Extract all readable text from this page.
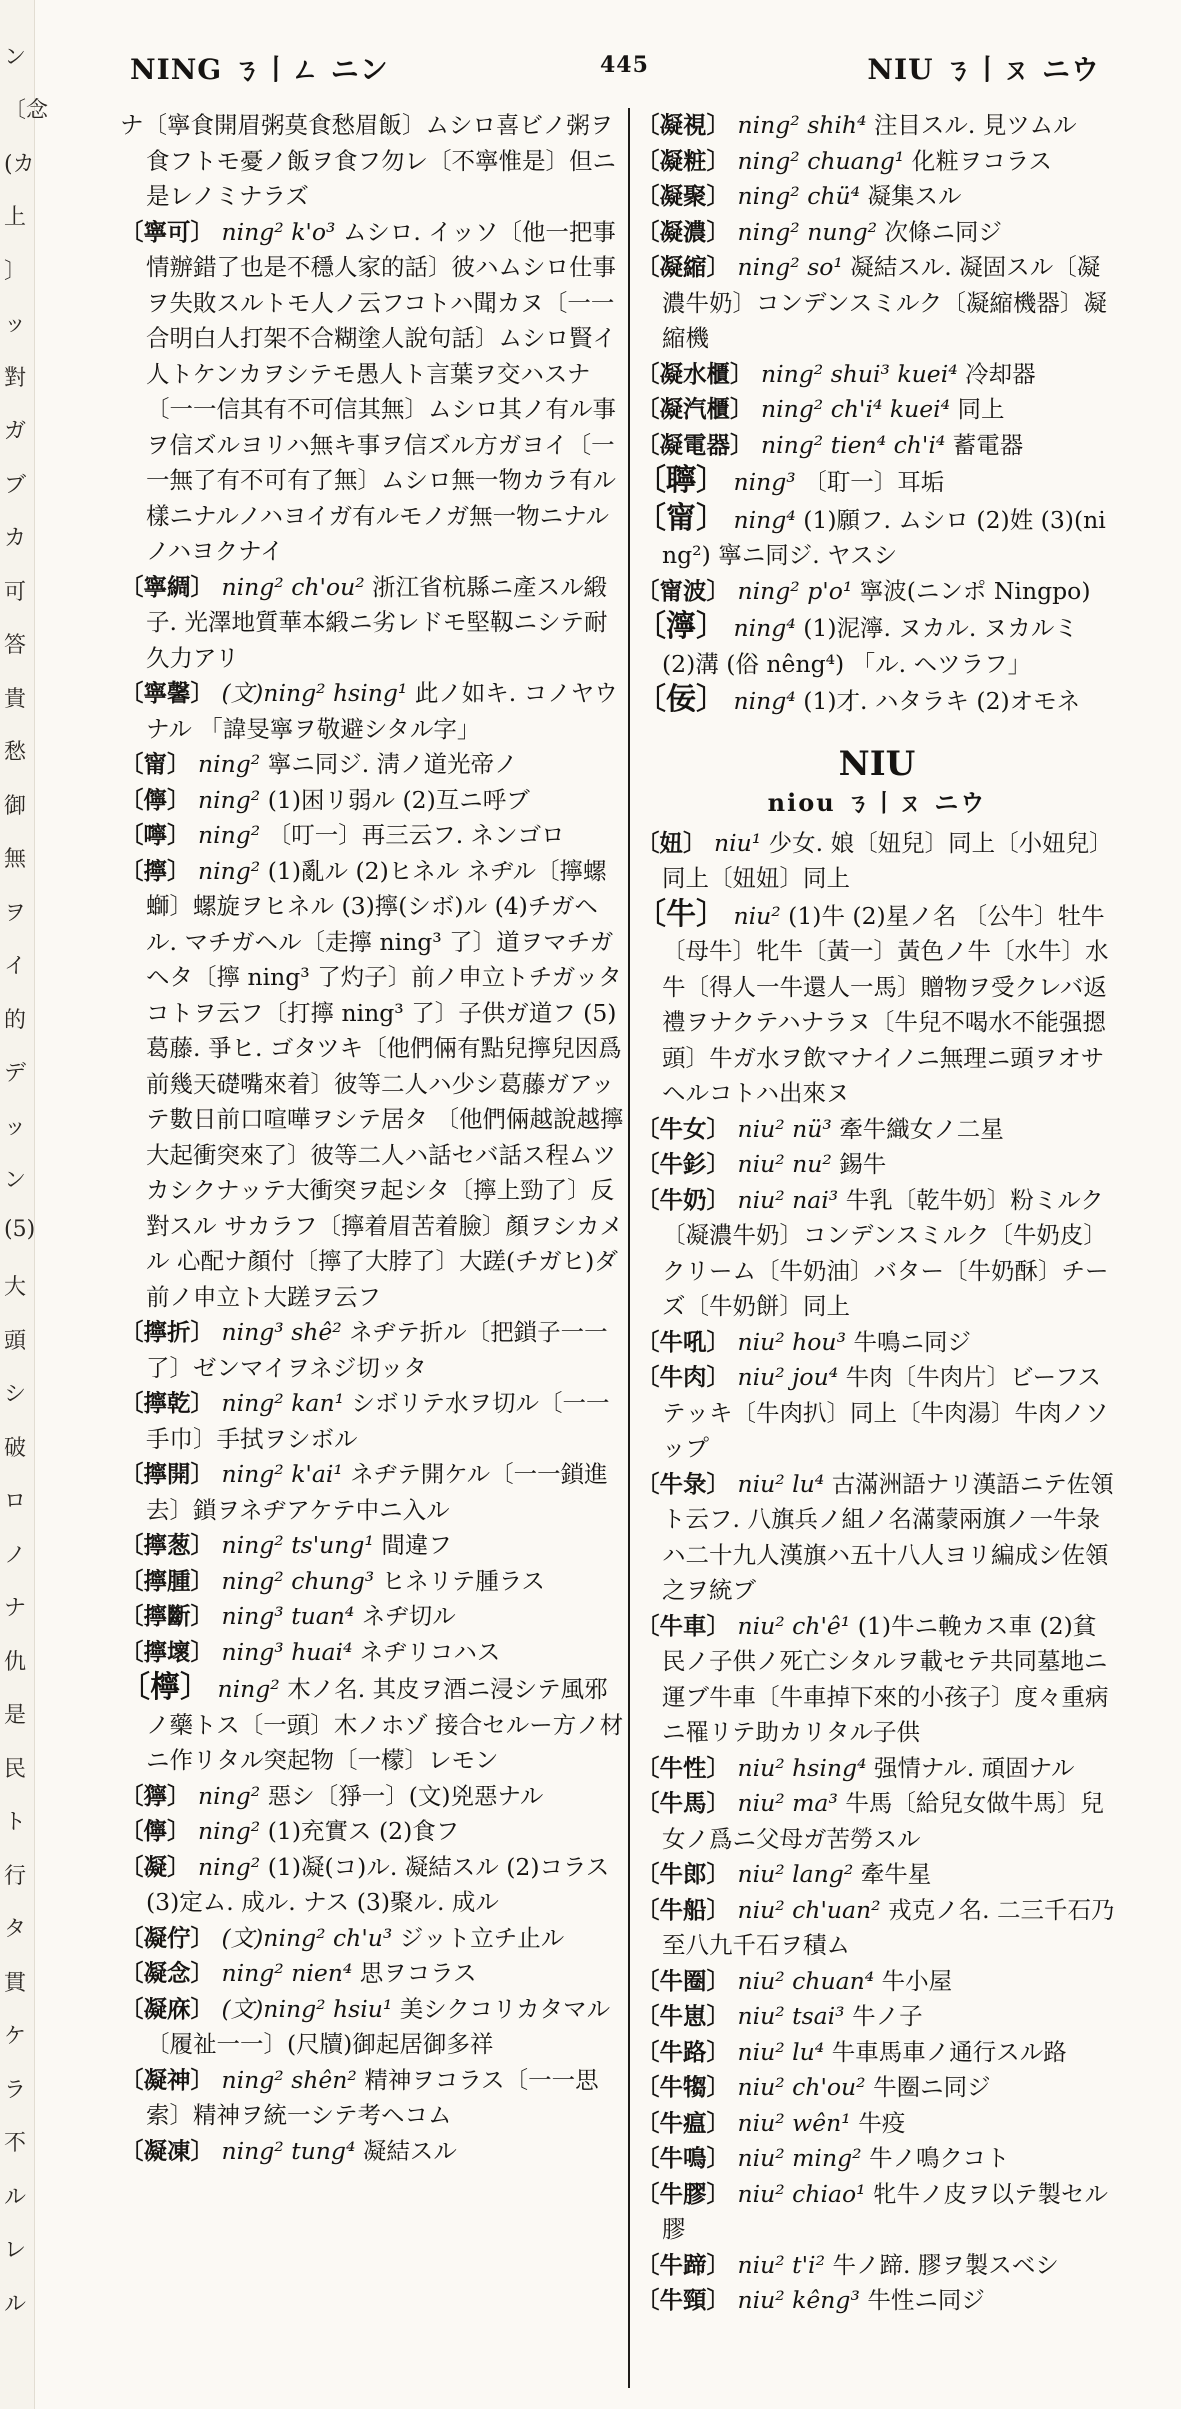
ン
〔念
(カ
上
〕
ッ
對
ガ
ブ
カ
可
答
貴
愁
御
無
ヲ
イ
的
デ
ッ
ン
(5)
大
頭
シ
破
ロ
ノ
ナ
仇
是
民
ト
行
タ
貫
ケ
ラ
不
ル
レ
ル
NING ㄋ丨ㄥ ニン	445	NIU ㄋ丨ㄡ ニウ
ナ〔寧食開眉粥莫食愁眉飯〕ムシロ喜ビノ粥ヲ食フトモ憂ノ飯ヲ食フ勿レ〔不寧惟是〕但ニ是レノミナラズ
〔寧可〕 ning² k'o³ ムシロ. イッソ〔他一把事情辦錯了也是不穩人家的話〕彼ハムシロ仕事ヲ失敗スルトモ人ノ云フコトハ聞カヌ〔一一合明白人打架不合糊塗人說句話〕ムシロ賢イ人トケンカヲシテモ愚人ト言葉ヲ交ハスナ〔一一信其有不可信其無〕ムシロ其ノ有ル事ヲ信ズルヨリハ無キ事ヲ信ズル方ガヨイ〔一一無了有不可有了無〕ムシロ無一物カラ有ル樣ニナルノハヨイガ有ルモノガ無一物ニナルノハヨクナイ
〔寧綢〕 ning² ch'ou² 浙江省杭縣ニ產スル緞子. 光澤地質華本緞ニ劣レドモ堅靱ニシテ耐久力アリ
〔寧馨〕 (文)ning² hsing¹ 此ノ如キ. コノヤウナル 「諱旻寧ヲ敬避シタル字」
〔甯〕 ning² 寧ニ同ジ. 淸ノ道光帝ノ
〔儜〕 ning² (1)困リ弱ル (2)互ニ呼ブ
〔嚀〕 ning² 〔叮一〕再三云フ. ネンゴロ
〔擰〕 ning² (1)亂ル (2)ヒネル ネヂル〔擰螺螄〕螺旋ヲヒネル (3)擰(シボ)ル (4)チガヘル. マチガヘル〔走擰 ning³ 了〕道ヲマチガヘタ〔擰 ning³ 了灼子〕前ノ申立トチガッタコトヲ云フ〔打擰 ning³ 了〕子供ガ道フ (5)葛藤. 爭ヒ. ゴタツキ〔他們倆有點兒擰兒因爲前幾天礎嘴來着〕彼等二人ハ少シ葛藤ガアッテ數日前口喧嘩ヲシテ居タ 〔他們倆越說越擰大起衝突來了〕彼等二人ハ話セバ話ス程ムツカシクナッテ大衝突ヲ起シタ〔擰上勁了〕反對スル サカラフ〔擰着眉苦着臉〕顏ヲシカメル 心配ナ顏付〔擰了大脖了〕大蹉(チガヒ)ダ 前ノ申立ト大蹉ヲ云フ
〔擰折〕 ning³ shê² ネヂテ折ル〔把鎖子一一了〕ゼンマイヲネジ切ッタ
〔擰乾〕 ning² kan¹ シボリテ水ヲ切ル〔一一手巾〕手拭ヲシボル
〔擰開〕 ning² k'ai¹ ネヂテ開ケル〔一一鎖進去〕鎖ヲネヂアケテ中ニ入ル
〔擰葱〕 ning² ts'ung¹ 間違フ
〔擰腫〕 ning² chung³ ヒネリテ腫ラス
〔擰斷〕 ning³ tuan⁴ ネヂ切ル
〔擰壞〕 ning³ huai⁴ ネヂリコハス
〔檸〕 ning² 木ノ名. 其皮ヲ酒ニ浸シテ風邪ノ藥トス〔一頭〕木ノホゾ 接合セルー方ノ材ニ作リタル突起物〔一檬〕レモン
〔獰〕 ning² 惡シ〔猙一〕(文)兇惡ナル
〔儜〕 ning² (1)充實ス (2)食フ
〔凝〕 ning² (1)凝(コ)ル. 凝結スル (2)コラス (3)定ム. 成ル. ナス (3)聚ル. 成ル
〔凝佇〕 (文)ning² ch'u³ ジット立チ止ル
〔凝念〕 ning² nien⁴ 思ヲコラス
〔凝庥〕 (文)ning² hsiu¹ 美シクコリカタマル〔履祉一一〕(尺牘)御起居御多祥
〔凝神〕 ning² shên² 精神ヲコラス〔一一思索〕精神ヲ統一シテ考ヘコム
〔凝凍〕 ning² tung⁴ 凝結スル
〔凝視〕 ning² shih⁴ 注目スル. 見ツムル
〔凝粧〕 ning² chuang¹ 化粧ヲコラス
〔凝聚〕 ning² chü⁴ 凝集スル
〔凝濃〕 ning² nung² 次條ニ同ジ
〔凝縮〕 ning² so¹ 凝結スル. 凝固スル〔凝濃牛奶〕コンデンスミルク〔凝縮機器〕凝縮機
〔凝水櫃〕 ning² shui³ kuei⁴ 冷却器
〔凝汽櫃〕 ning² ch'i⁴ kuei⁴ 同上
〔凝電器〕 ning² tien⁴ ch'i⁴ 蓄電器
〔聹〕 ning³ 〔耵一〕耳垢
〔甯〕 ning⁴ (1)願フ. ムシロ (2)姓 (3)(ning²) 寧ニ同ジ. ヤスシ
〔甯波〕 ning² p'o¹ 寧波(ニンポ Ningpo)
〔濘〕 ning⁴ (1)泥濘. ヌカル. ヌカルミ (2)溝 (俗 nêng⁴) 「ル. ヘツラフ」
〔佞〕 ning⁴ (1)才. ハタラキ (2)オモネ
NIU
niou ㄋ丨ㄡ ニウ
〔妞〕 niu¹ 少女. 娘〔妞兒〕同上〔小妞兒〕同上〔妞妞〕同上
〔牛〕 niu² (1)牛 (2)星ノ名 〔公牛〕牡牛〔母牛〕牝牛〔黃一〕黃色ノ牛〔水牛〕水牛〔得人一牛還人一馬〕贈物ヲ受クレバ返禮ヲナクテハナラヌ〔牛兒不喝水不能强摁頭〕牛ガ水ヲ飲マナイノニ無理ニ頭ヲオサヘルコトハ出來ヌ
〔牛女〕 niu² nü³ 牽牛織女ノ二星
〔牛釤〕 niu² nu² 錫牛
〔牛奶〕 niu² nai³ 牛乳〔乾牛奶〕粉ミルク〔凝濃牛奶〕コンデンスミルク〔牛奶皮〕クリーム〔牛奶油〕バター〔牛奶酥〕チーズ〔牛奶餅〕同上
〔牛吼〕 niu² hou³ 牛鳴ニ同ジ
〔牛肉〕 niu² jou⁴ 牛肉〔牛肉片〕ビーフステッキ〔牛肉扒〕同上〔牛肉湯〕牛肉ノソップ
〔牛彔〕 niu² lu⁴ 古滿洲語ナリ漢語ニテ佐領ト云フ. 八旗兵ノ組ノ名滿蒙兩旗ノ一牛彔ハ二十九人漢旗ハ五十八人ヨリ編成シ佐領之ヲ統ブ
〔牛車〕 niu² ch'ê¹ (1)牛ニ輓カス車 (2)貧民ノ子供ノ死亡シタルヲ載セテ共同墓地ニ運ブ牛車〔牛車掉下來的小孩子〕度々重病ニ罹リテ助カリタル子供
〔牛性〕 niu² hsing⁴ 强情ナル. 頑固ナル
〔牛馬〕 niu² ma³ 牛馬〔給兒女做牛馬〕兒女ノ爲ニ父母ガ苦勞スル
〔牛郎〕 niu² lang² 牽牛星
〔牛船〕 niu² ch'uan² 戎克ノ名. 二三千石乃至八九千石ヲ積ム
〔牛圈〕 niu² chuan⁴ 牛小屋
〔牛崽〕 niu² tsai³ 牛ノ子
〔牛路〕 niu² lu⁴ 牛車馬車ノ通行スル路
〔牛犓〕 niu² ch'ou² 牛圈ニ同ジ
〔牛瘟〕 niu² wên¹ 牛疫
〔牛鳴〕 niu² ming² 牛ノ鳴クコト
〔牛膠〕 niu² chiao¹ 牝牛ノ皮ヲ以テ製セル膠
〔牛蹄〕 niu² t'i² 牛ノ蹄. 膠ヲ製スベシ
〔牛頸〕 niu² kêng³ 牛性ニ同ジ
